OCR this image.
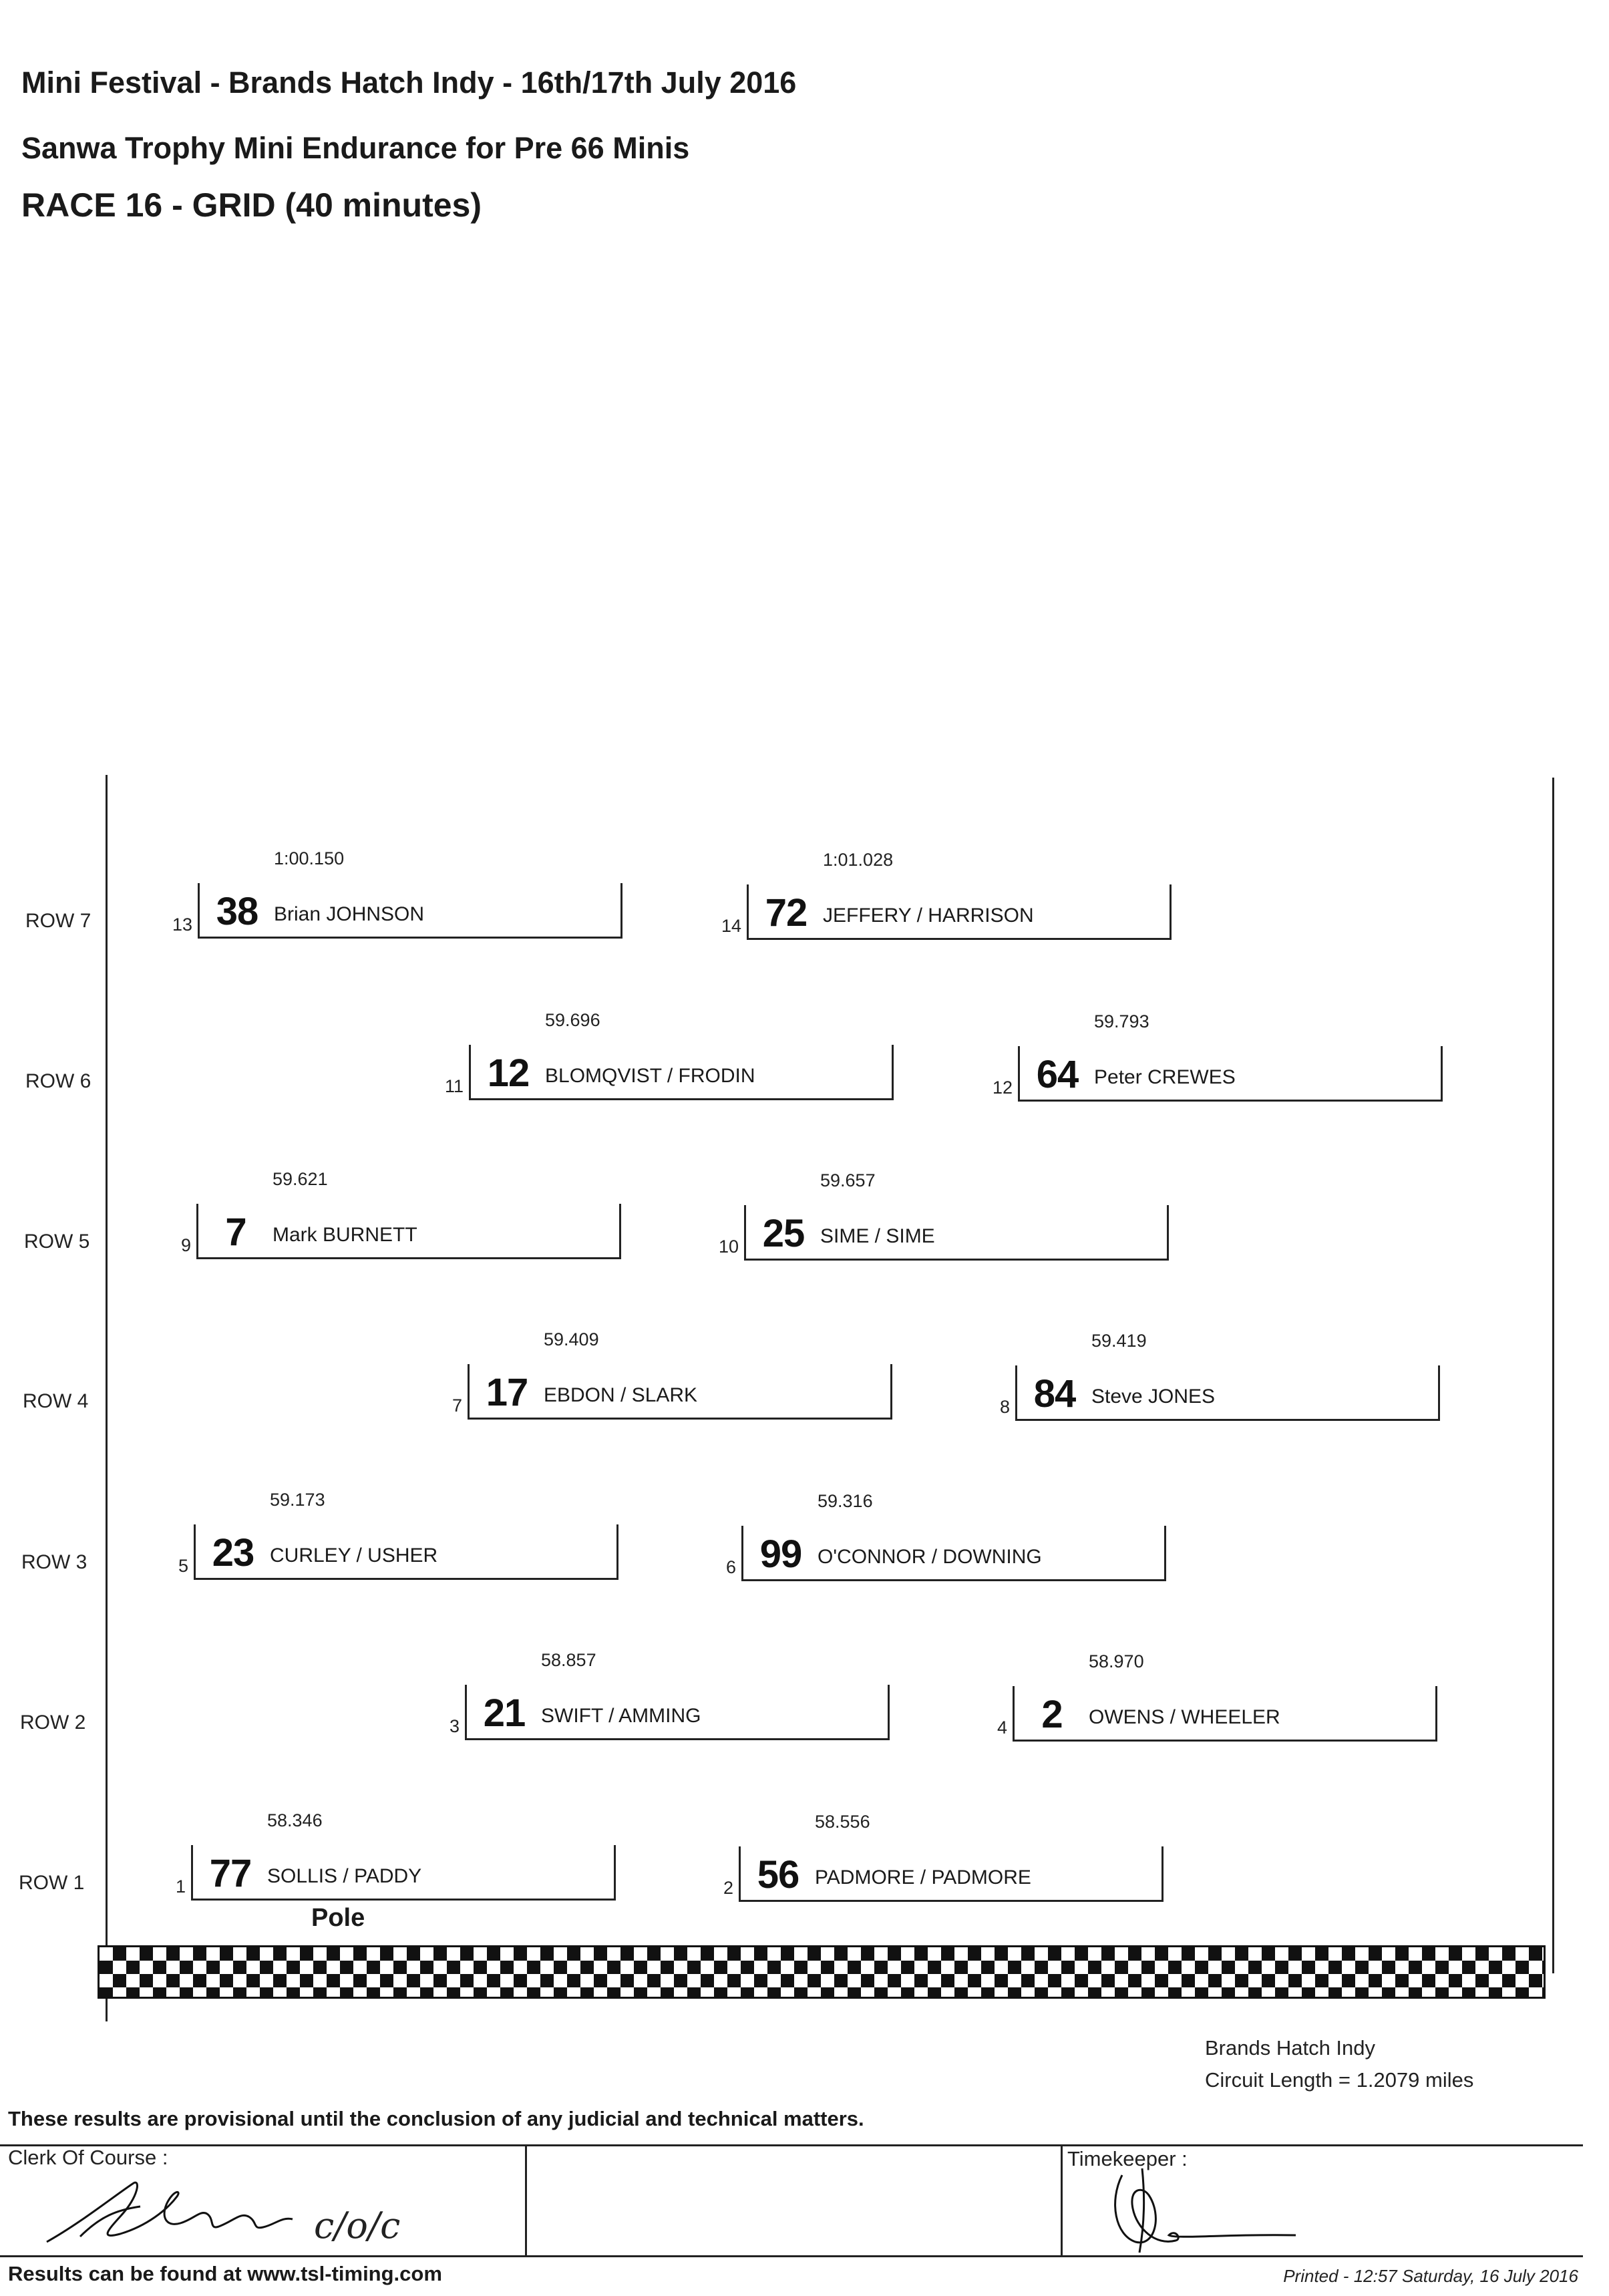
Mini Festival - Brands Hatch Indy - 16th/17th July 2016
Sanwa Trophy Mini Endurance for Pre 66 Minis
RACE 16 - GRID (40 minutes)
ROW 7
ROW 6
ROW 5
ROW 4
ROW 3
ROW 2
ROW 1
1:00.150
13 38 Brian JOHNSON
1:01.028
14 72 JEFFERY / HARRISON
59.696
11 12 BLOMQVIST / FRODIN
59.793
12 64 Peter CREWES
59.621
9 7	Mark BURNETT
59.657
10 25 SIME / SIME
59.409
7 17 EBDON / SLARK
59.419
8 84 Steve JONES
59.173
5 23 CURLEY / USHER
59.316
6 99 O'CONNOR / DOWNING
58.857
3 21 SWIFT / AMMING
58.970
4 2	OWENS / WHEELER
58.346
1 77 SOLLIS / PADDY
58.556
2 56 PADMORE / PADMORE
Pole
Brands Hatch Indy
Circuit Length = 1.2079 miles
These results are provisional until the conclusion of any judicial and technical matters.
Clerk Of Course :
c/o/c
Timekeeper :
Results can be found at www.tsl-timing.com	Printed - 12:57 Saturday, 16 July 2016
